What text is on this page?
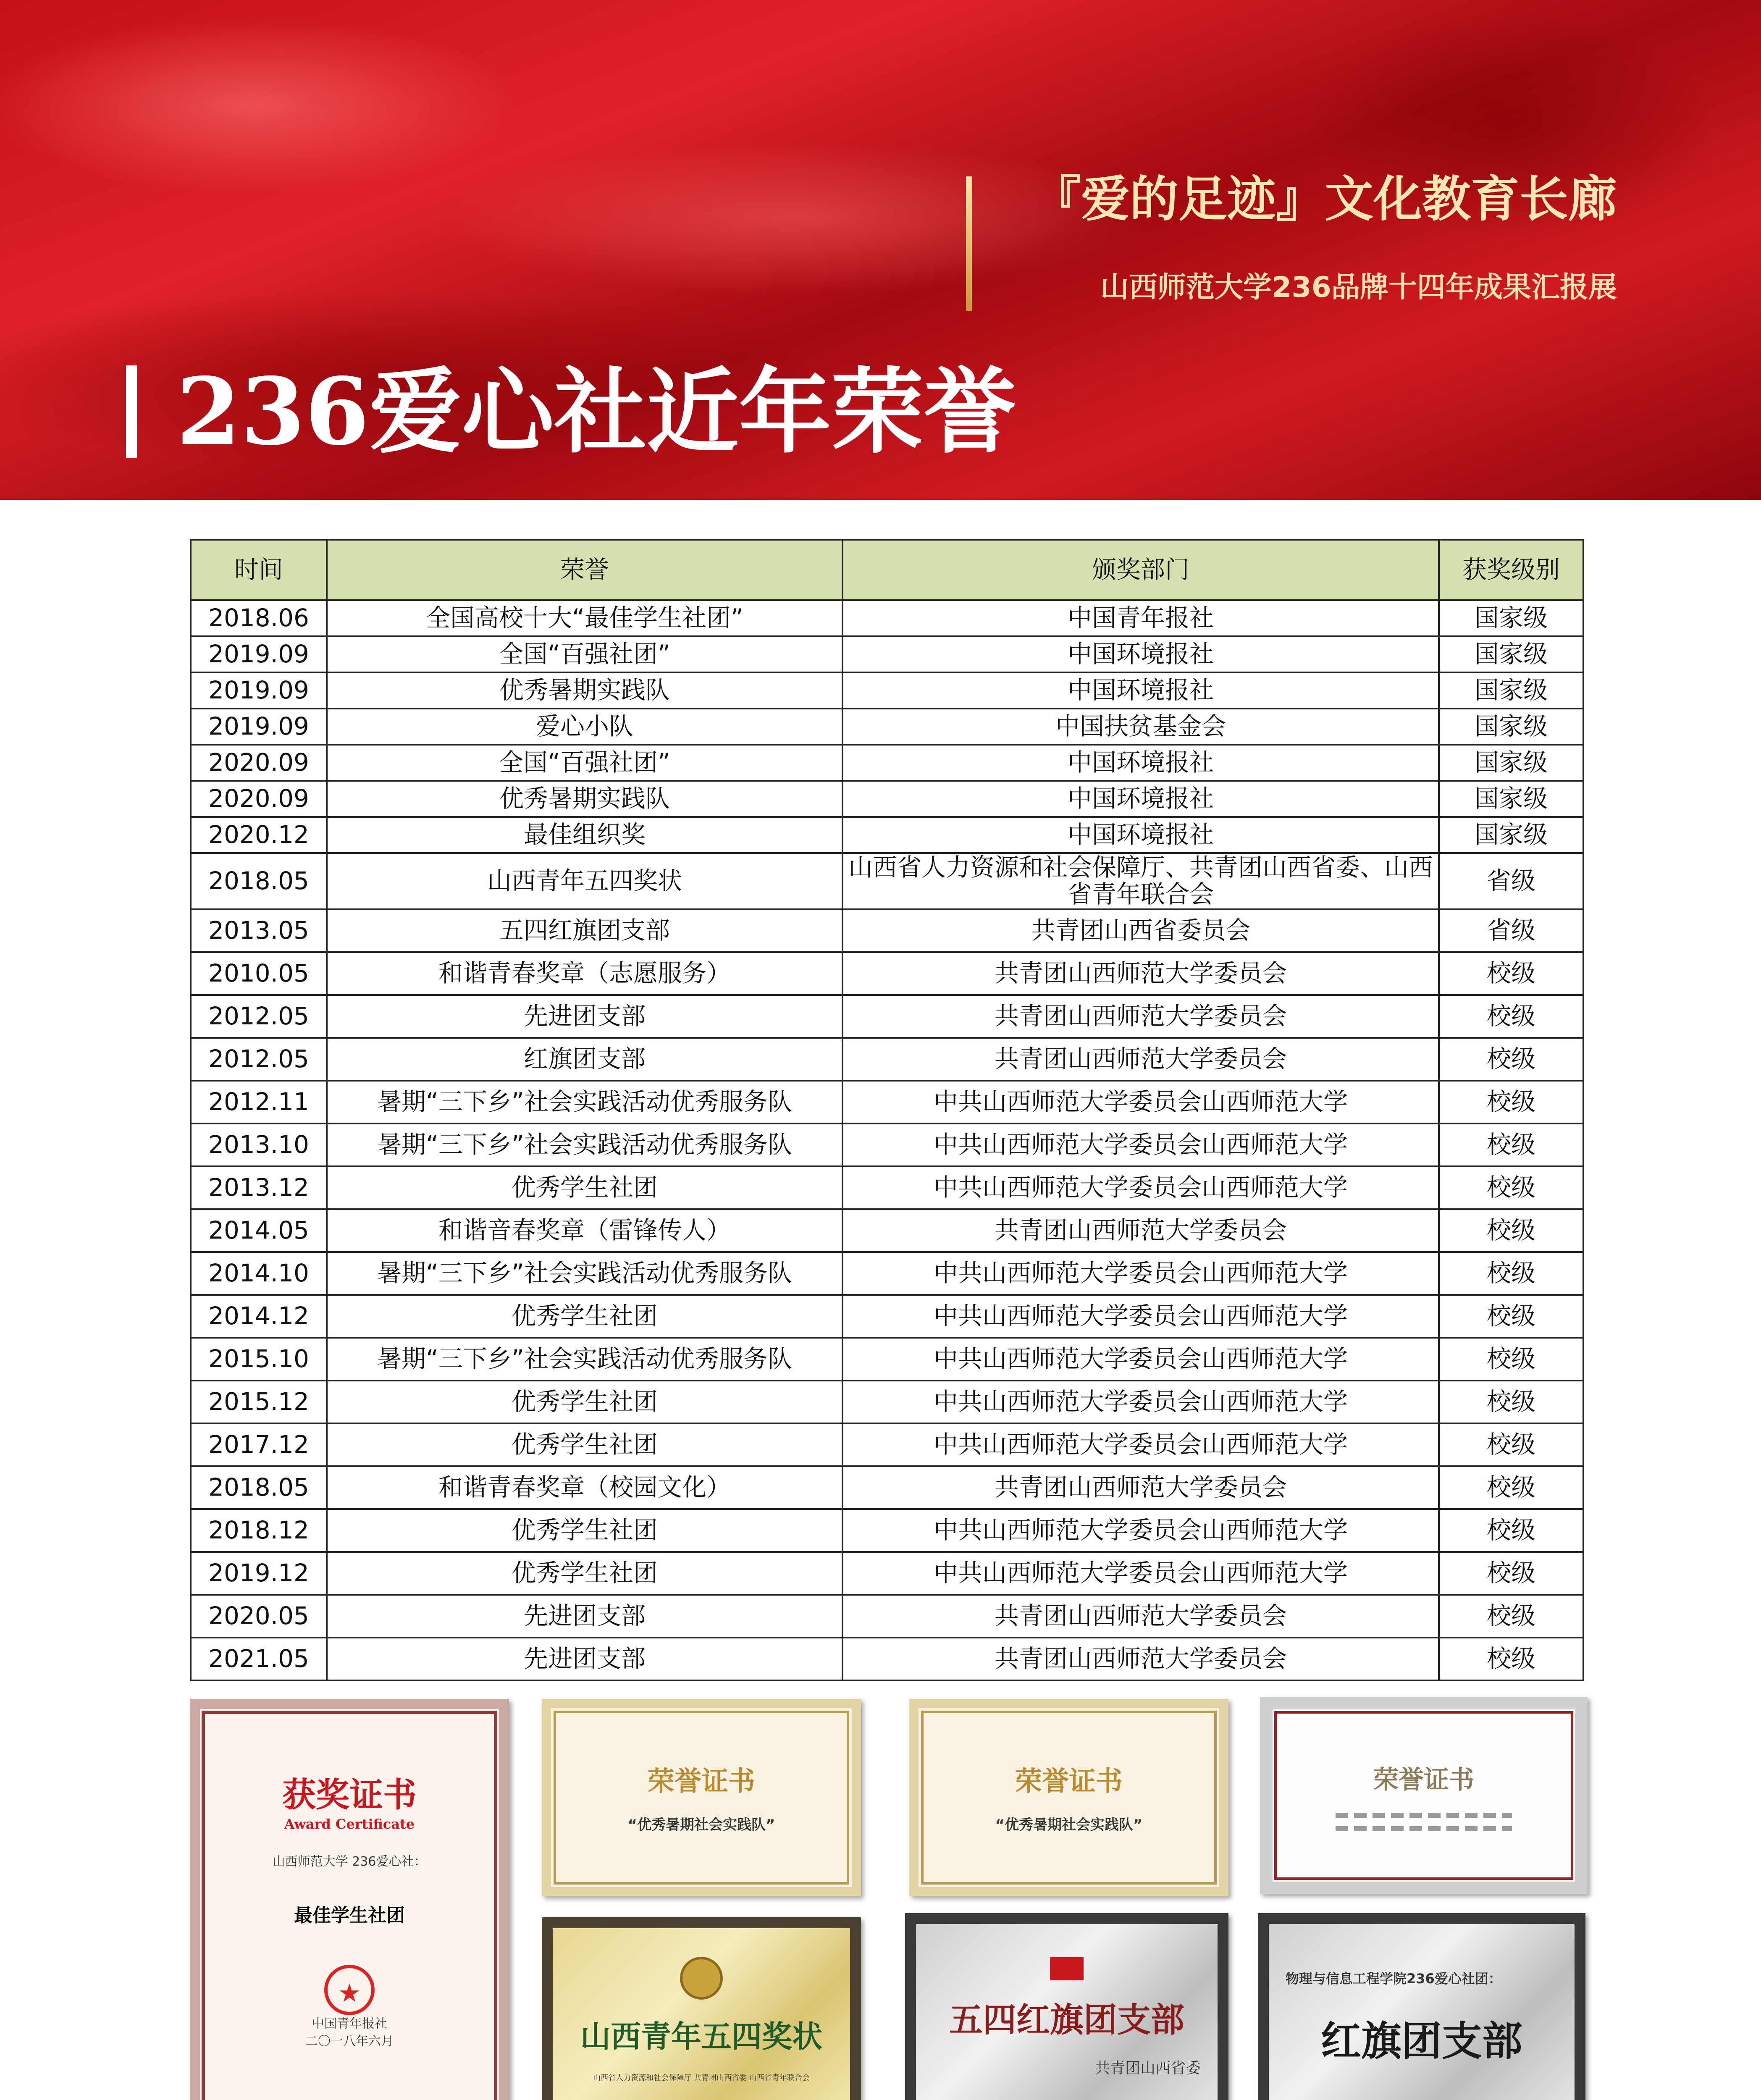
『爱的足迹』文化教育长廊
山西师范大学236品牌十四年成果汇报展
236爱心社近年荣誉
时间	荣誉	颁奖部门	获奖级别
2018.06	全国高校十大“最佳学生社团”	中国青年报社	国家级
2019.09	全国“百强社团”	中国环境报社	国家级
2019.09	优秀暑期实践队	中国环境报社	国家级
2019.09	爱心小队	中国扶贫基金会	国家级
2020.09	全国“百强社团”	中国环境报社	国家级
2020.09	优秀暑期实践队	中国环境报社	国家级
2020.12	最佳组织奖	中国环境报社	国家级
2018.05	山西青年五四奖状	山西省人力资源和社会保障厅、共青团山西省委、山西省青年联合会	省级
2013.05	五四红旗团支部	共青团山西省委员会	省级
2010.05	和谐青春奖章（志愿服务）	共青团山西师范大学委员会	校级
2012.05	先进团支部	共青团山西师范大学委员会	校级
2012.05	红旗团支部	共青团山西师范大学委员会	校级
2012.11	暑期“三下乡”社会实践活动优秀服务队	中共山西师范大学委员会山西师范大学	校级
2013.10	暑期“三下乡”社会实践活动优秀服务队	中共山西师范大学委员会山西师范大学	校级
2013.12	优秀学生社团	中共山西师范大学委员会山西师范大学	校级
2014.05	和谐音春奖章（雷锋传人）	共青团山西师范大学委员会	校级
2014.10	暑期“三下乡”社会实践活动优秀服务队	中共山西师范大学委员会山西师范大学	校级
2014.12	优秀学生社团	中共山西师范大学委员会山西师范大学	校级
2015.10	暑期“三下乡”社会实践活动优秀服务队	中共山西师范大学委员会山西师范大学	校级
2015.12	优秀学生社团	中共山西师范大学委员会山西师范大学	校级
2017.12	优秀学生社团	中共山西师范大学委员会山西师范大学	校级
2018.05	和谐青春奖章（校园文化）	共青团山西师范大学委员会	校级
2018.12	优秀学生社团	中共山西师范大学委员会山西师范大学	校级
2019.12	优秀学生社团	中共山西师范大学委员会山西师范大学	校级
2020.05	先进团支部	共青团山西师范大学委员会	校级
2021.05	先进团支部	共青团山西师范大学委员会	校级
获奖证书
Award Certificate
山西师范大学 236爱心社：
最佳学生社团
★
中国青年报社
二〇一八年六月
荣誉证书
“优秀暑期社会实践队”
荣誉证书
“优秀暑期社会实践队”
荣誉证书
山西青年五四奖状
山西省人力资源和社会保障厅 共青团山西省委 山西省青年联合会
五四红旗团支部
共青团山西省委
物理与信息工程学院236爱心社团：
红旗团支部
